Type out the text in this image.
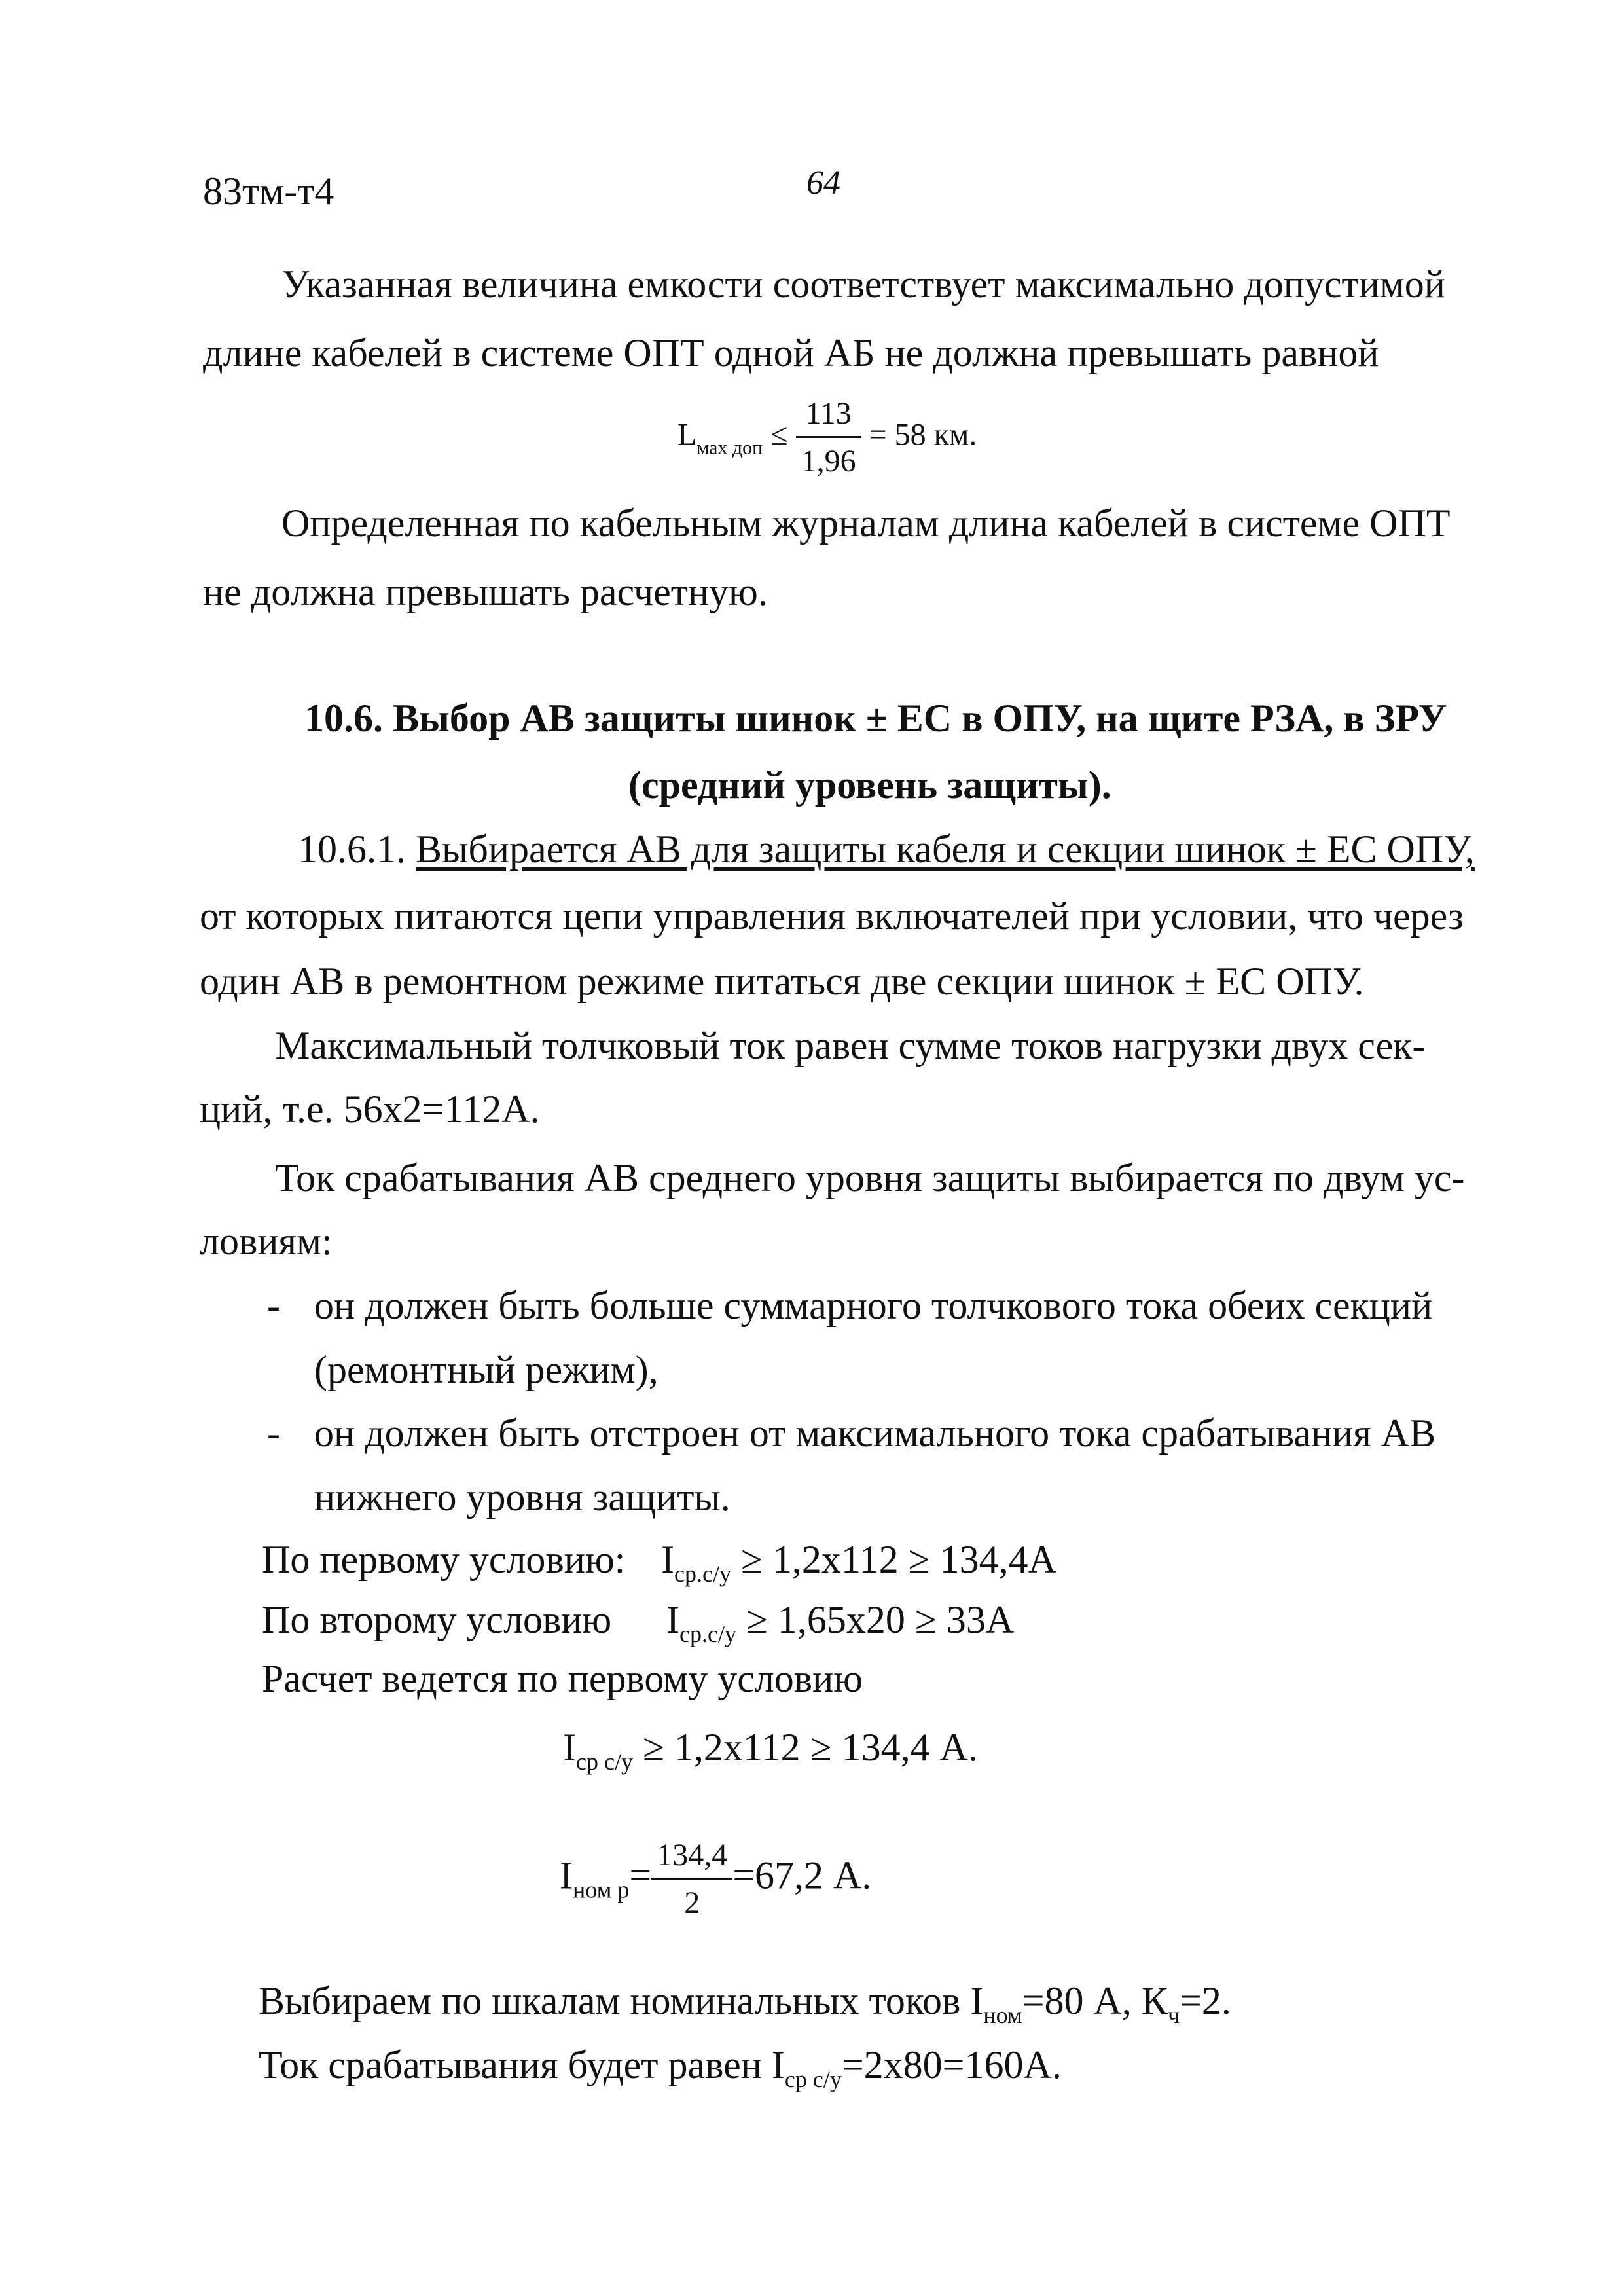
83тм-т4	64
Указанная величина емкости соответствует максимально допустимой
длине кабелей в системе ОПТ одной АБ не должна превышать равной
$L_{мах доп} \le \frac{113}{1,96} = 58$ км.
Определенная по кабельным журналам длина кабелей в системе ОПТ
не должна превышать расчетную.
10.6. Выбор АВ защиты шинок ± ЕС в ОПУ, на щите РЗА, в ЗРУ
(средний уровень защиты).
10.6.1. Выбирается АВ для защиты кабеля и секции шинок ± ЕС ОПУ,
от которых питаются цепи управления включателей при условии, что через
один АВ в ремонтном режиме питаться две секции шинок ± ЕС ОПУ.
Максимальный толчковый ток равен сумме токов нагрузки двух сек-
ций, т.е. 56х2=112А.
Ток срабатывания АВ среднего уровня защиты выбирается по двум ус-
ловиям:
- он должен быть больше суммарного толчкового тока обеих секций
(ремонтный режим),
- он должен быть отстроен от максимального тока срабатывания АВ
нижнего уровня защиты.
По первому условию: $I_{ср.с/у} \ge 1,2х112 \ge 134,4А$
По второму условию $I_{ср.с/у} \ge 1,65х20 \ge 33А$
Расчет ведется по первому условию
$I_{ср с/у} \ge 1,2х112 \ge 134,4$ А.
$I_{ном р}= \frac{134,4}{2} =67,2$ А.
Выбираем по шкалам номинальных токов $I_{ном}=80$ А, $К_ч=2$.
Ток срабатывания будет равен $I_{ср с/у}=2х80=160А$.
